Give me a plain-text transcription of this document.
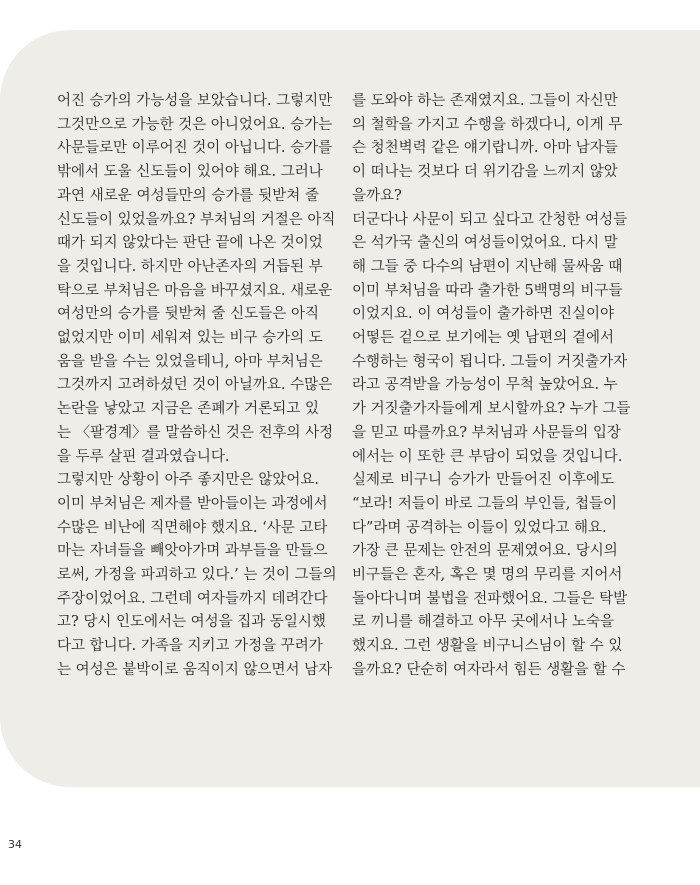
어진 승가의 가능성을 보았습니다. 그렇지만
그것만으로 가능한 것은 아니었어요. 승가는
사문들로만 이루어진 것이 아닙니다. 승가를
밖에서 도울 신도들이 있어야 해요. 그러나
과연 새로운 여성들만의 승가를 뒷받쳐 줄
신도들이 있었을까요? 부처님의 거절은 아직
때가 되지 않았다는 판단 끝에 나온 것이었
을 것입니다. 하지만 아난존자의 거듭된 부
탁으로 부처님은 마음을 바꾸셨지요. 새로운
여성만의 승가를 뒷받쳐 줄 신도들은 아직
없었지만 이미 세워져 있는 비구 승가의 도
움을 받을 수는 있었을테니, 아마 부처님은
그것까지 고려하셨던 것이 아닐까요. 수많은
논란을 낳았고 지금은 존폐가 거론되고 있
는 〈팔경계〉를 말씀하신 것은 전후의 사정
을 두루 살핀 결과였습니다.
그렇지만 상황이 아주 좋지만은 않았어요.
이미 부처님은 제자를 받아들이는 과정에서
수많은 비난에 직면해야 했지요. ‘사문 고타
마는 자녀들을 빼앗아가며 과부들을 만들으
로써, 가정을 파괴하고 있다.’ 는 것이 그들의
주장이었어요. 그런데 여자들까지 데려간다
고? 당시 인도에서는 여성을 집과 동일시했
다고 합니다. 가족을 지키고 가정을 꾸려가
는 여성은 붙박이로 움직이지 않으면서 남자
를 도와야 하는 존재였지요. 그들이 자신만
의 철학을 가지고 수행을 하겠다니, 이게 무
슨 청천벽력 같은 얘기랍니까. 아마 남자들
이 떠나는 것보다 더 위기감을 느끼지 않았
을까요?
더군다나 사문이 되고 싶다고 간청한 여성들
은 석가국 출신의 여성들이었어요. 다시 말
해 그들 중 다수의 남편이 지난해 물싸움 때
이미 부처님을 따라 출가한 5백명의 비구들
이었지요. 이 여성들이 출가하면 진실이야
어떻든 겉으로 보기에는 옛 남편의 곁에서
수행하는 형국이 됩니다. 그들이 거짓출가자
라고 공격받을 가능성이 무척 높았어요. 누
가 거짓출가자들에게 보시할까요? 누가 그들
을 믿고 따를까요? 부처님과 사문들의 입장
에서는 이 또한 큰 부담이 되었을 것입니다.
실제로 비구니 승가가 만들어진 이후에도
“보라! 저들이 바로 그들의 부인들, 첩들이
다”라며 공격하는 이들이 있었다고 해요.
가장 큰 문제는 안전의 문제였어요. 당시의
비구들은 혼자, 혹은 몇 명의 무리를 지어서
돌아다니며 불법을 전파했어요. 그들은 탁발
로 끼니를 해결하고 아무 곳에서나 노숙을
했지요. 그런 생활을 비구니스님이 할 수 있
을까요? 단순히 여자라서 힘든 생활을 할 수
34
